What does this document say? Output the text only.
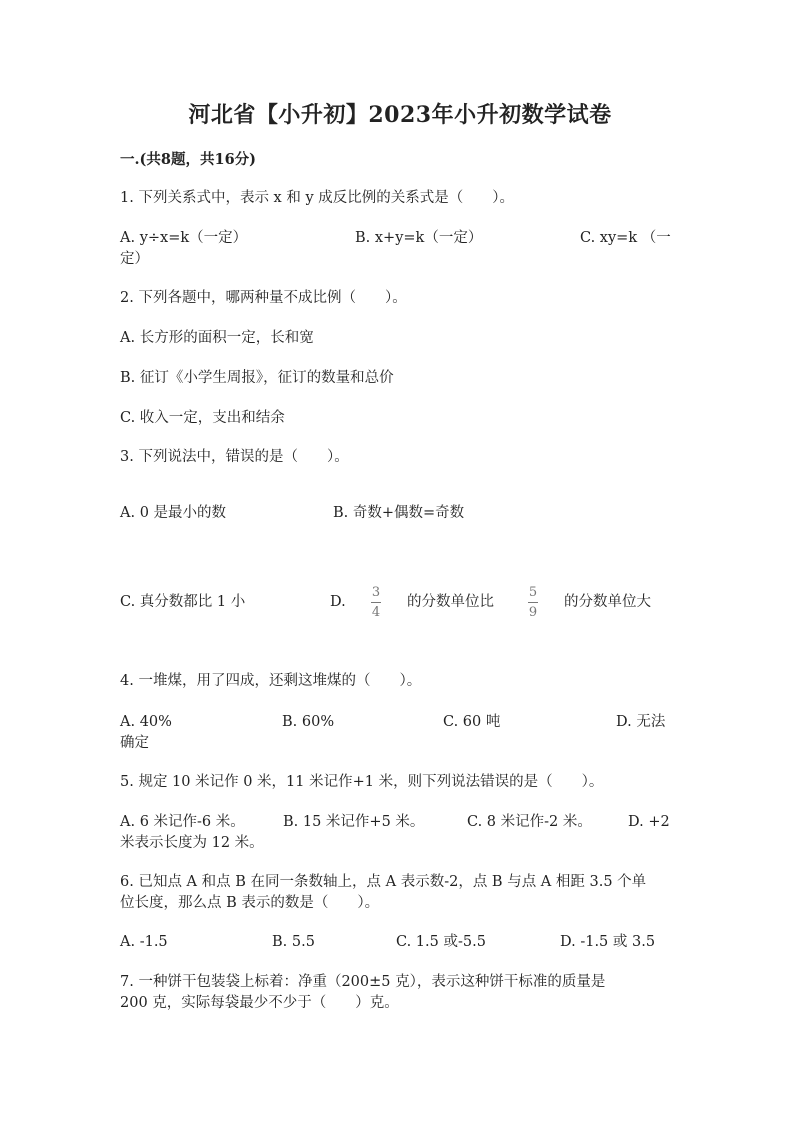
河北省【小升初】2023年小升初数学试卷
一.(共8题，共16分)
1. 下列关系式中，表示 x 和 y 成反比例的关系式是（　　）。
A. y÷x=k（一定）	B. x+y=k（一定）	C. xy=k （一
定）
2. 下列各题中，哪两种量不成比例（　　）。
A. 长方形的面积一定，长和宽
B. 征订《小学生周报》，征订的数量和总价
C. 收入一定，支出和结余
3. 下列说法中，错误的是（　　）。
A. 0 是最小的数	B. 奇数+偶数=奇数
C. 真分数都比 1 小	D.
3
4
的分数单位比
5
9
的分数单位大
4. 一堆煤，用了四成，还剩这堆煤的（　　）。
A. 40%	B. 60%	C. 60 吨	D. 无法
确定
5. 规定 10 米记作 0 米，11 米记作+1 米，则下列说法错误的是（　　）。
A. 6 米记作-6 米。	B. 15 米记作+5 米。	C. 8 米记作-2 米。 D. +2
米表示长度为 12 米。
6. 已知点 A 和点 B 在同一条数轴上，点 A 表示数-2，点 B 与点 A 相距 3.5 个单
位长度，那么点 B 表示的数是（　　）。
A. -1.5	B. 5.5	C. 1.5 或-5.5	D. -1.5 或 3.5
7. 一种饼干包装袋上标着：净重（200±5 克），表示这种饼干标准的质量是
200 克，实际每袋最少不少于（　　）克。
